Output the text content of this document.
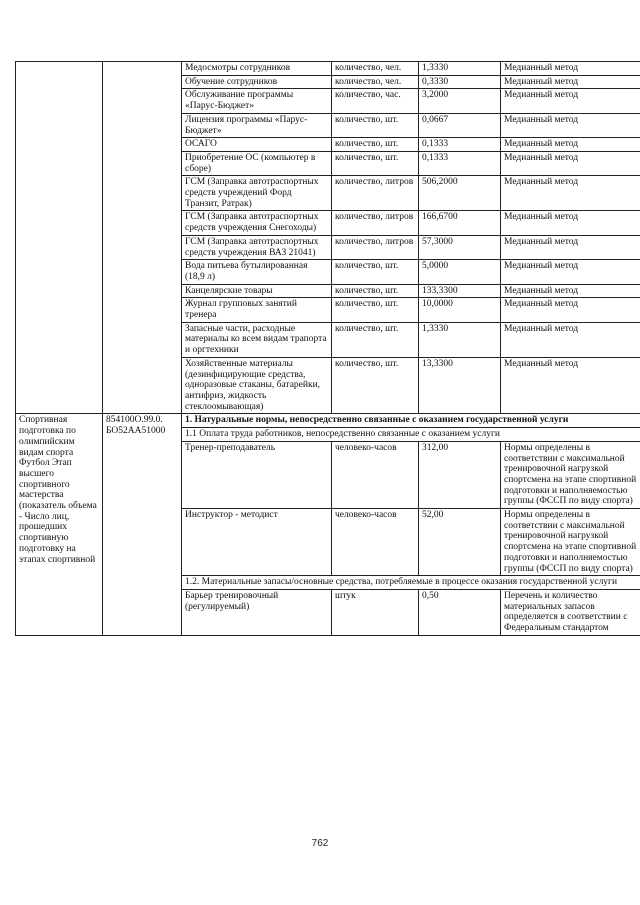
		Медосмотры сотрудников	количество, чел.	1,3330	Медианный метод
		Обучение сотрудников	количество, чел.	0,3330	Медианный метод
		Обслуживание программы «Парус-Бюджет»	количество, час.	3,2000	Медианный метод
		Лицензия программы «Парус-Бюджет»	количество, шт.	0,0667	Медианный метод
		ОСАГО	количество, шт.	0,1333	Медианный метод
		Приобретение ОС (компьютер в сборе)	количество, шт.	0,1333	Медианный метод
		ГСМ (Заправка автотраспортных средств учреждений Форд Транзит, Ратрак)	количество, литров	506,2000	Медианный метод
		ГСМ (Заправка автотраспортных средств учреждения Снегоходы)	количество, литров	166,6700	Медианный метод
		ГСМ (Заправка автотраспортных средств учреждения ВАЗ 21041)	количество, литров	57,3000	Медианный метод
		Вода питьева бутылированная (18,9 л)	количество, шт.	5,0000	Медианный метод
		Канцелярские товары	количество, шт.	133,3300	Медианный метод
		Журнал групповых занятий тренера	количество, шт.	10,0000	Медианный метод
		Запасные части, расходные материалы ко всем видам трапорта и оргтехники	количество, шт.	1,3330	Медианный метод
		Хозяйственные материалы (дезинфицирующие средства, одноразовые стаканы, батарейки, антифриз, жидкость стеклоомывающая)	количество, шт.	13,3300	Медианный метод
Спортивная подготовка по олимпийским видам спорта Футбол Этап высшего спортивного мастерства (показатель объема - Число лиц, прошедших спортивную подготовку на этапах спортивной	854100О.99.0. БО52АА51000	1. Натуральные нормы, непосредственно связанные с оказанием государственной услуги			
		1.1 Оплата труда работников, непосредственно связанные с оказанием услуги			
		Тренер-преподаватель	человеко-часов	312,00	Нормы определены в соответствии с максимальной тренировочной нагрузкой спортсмена на этапе спортивной подготовки и наполняемостью группы (ФССП по виду спорта)
		Инструктор - методист	человеко-часов	52,00	Нормы определены в соответствии с максимальной тренировочной нагрузкой спортсмена на этапе спортивной подготовки и наполняемостью группы (ФССП по виду спорта)
		1.2. Материальные запасы/основные средства, потребляемые в процессе оказания государственной услуги			
		Барьер тренировочный (регулируемый)	штук	0,50	Перечень и количество материальных запасов определяется в соответствии с Федеральным стандартом
762
